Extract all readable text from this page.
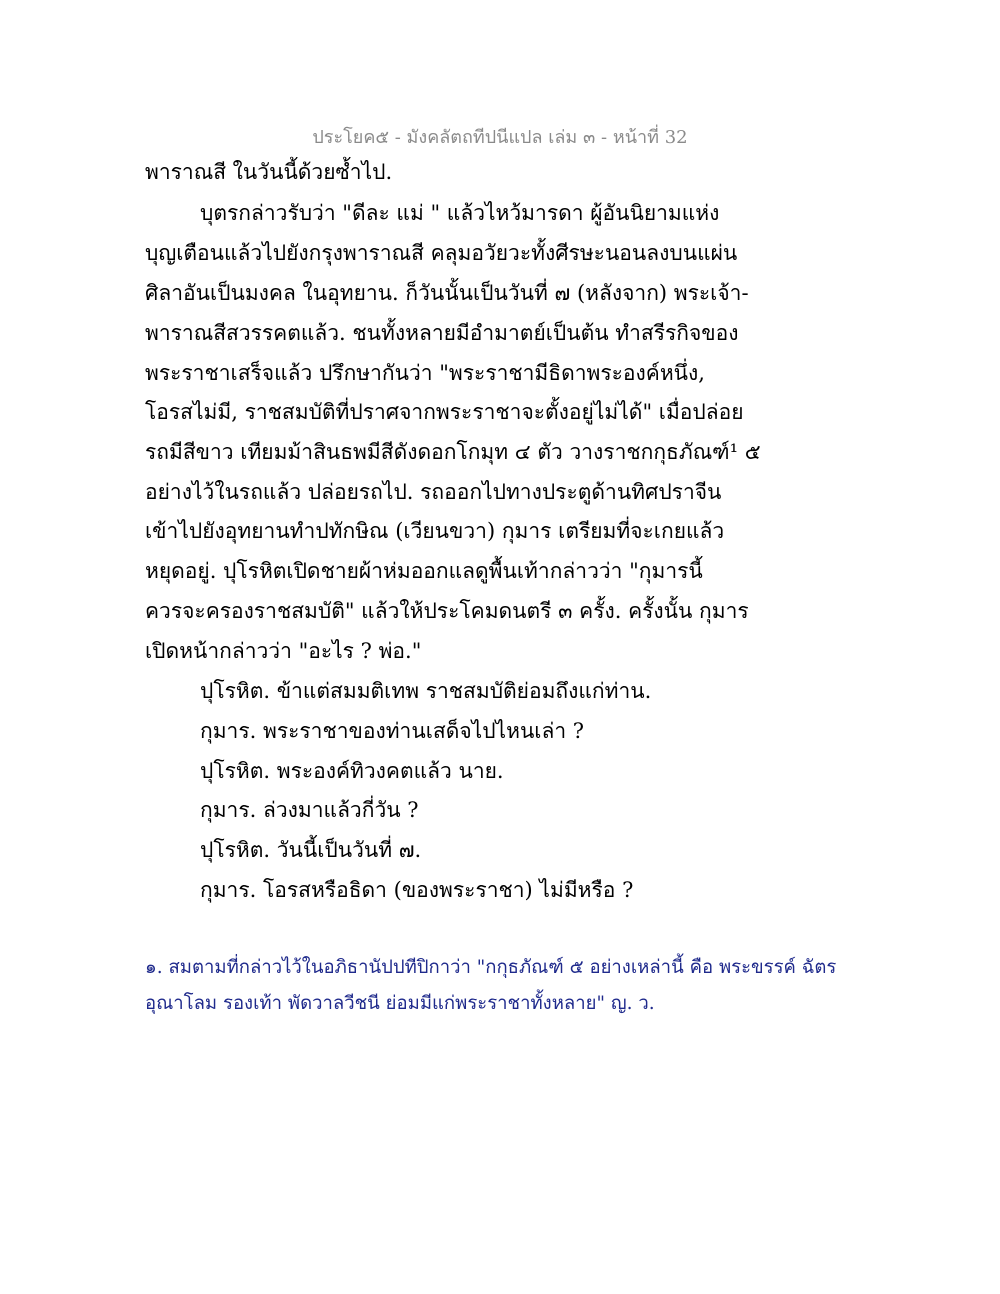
ประโยค๕ - มังคลัตถทีปนีแปล เล่ม ๓ - หน้าที่ 32
พาราณสี ในวันนี้ด้วยซ้ำไป.
บุตรกล่าวรับว่า "ดีละ แม่ " แล้วไหว้มารดา ผู้อันนิยามแห่ง
บุญเตือนแล้วไปยังกรุงพาราณสี คลุมอวัยวะทั้งศีรษะนอนลงบนแผ่น
ศิลาอันเป็นมงคล ในอุทยาน. ก็วันนั้นเป็นวันที่ ๗ (หลังจาก) พระเจ้า-
พาราณสีสวรรคตแล้ว. ชนทั้งหลายมีอำมาตย์เป็นต้น ทำสรีรกิจของ
พระราชาเสร็จแล้ว ปรึกษากันว่า "พระราชามีธิดาพระองค์หนึ่ง,
โอรสไม่มี, ราชสมบัติที่ปราศจากพระราชาจะตั้งอยู่ไม่ได้" เมื่อปล่อย
รถมีสีขาว เทียมม้าสินธพมีสีดังดอกโกมุท ๔ ตัว วางราชกกุธภัณฑ์¹ ๕
อย่างไว้ในรถแล้ว ปล่อยรถไป. รถออกไปทางประตูด้านทิศปราจีน
เข้าไปยังอุทยานทำปทักษิณ (เวียนขวา) กุมาร เตรียมที่จะเกยแล้ว
หยุดอยู่. ปุโรหิตเปิดชายผ้าห่มออกแลดูพื้นเท้ากล่าวว่า "กุมารนี้
ควรจะครองราชสมบัติ" แล้วให้ประโคมดนตรี ๓ ครั้ง. ครั้งนั้น กุมาร
เปิดหน้ากล่าวว่า "อะไร ? พ่อ."
ปุโรหิต. ข้าแต่สมมติเทพ ราชสมบัติย่อมถึงแก่ท่าน.
กุมาร. พระราชาของท่านเสด็จไปไหนเล่า ?
ปุโรหิต. พระองค์ทิวงคตแล้ว นาย.
กุมาร. ล่วงมาแล้วกี่วัน ?
ปุโรหิต. วันนี้เป็นวันที่ ๗.
กุมาร. โอรสหรือธิดา (ของพระราชา) ไม่มีหรือ ?
๑. สมตามที่กล่าวไว้ในอภิธานัปปทีปิกาว่า "กกุธภัณฑ์ ๕ อย่างเหล่านี้ คือ พระขรรค์ ฉัตร
อุณาโลม รองเท้า พัดวาลวีชนี ย่อมมีแก่พระราชาทั้งหลาย" ญ. ว.
